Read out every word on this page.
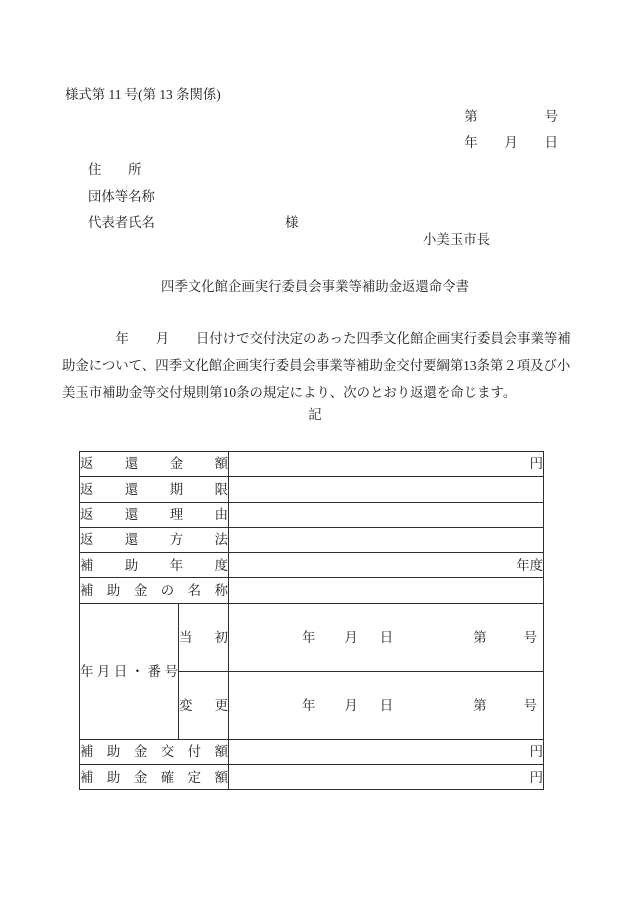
様式第 11 号(第 13 条関係)
第　　　　　号
年　　月　　日
住　　所
団体等名称
代表者氏名	様
小美玉市長
四季文化館企画実行委員会事業等補助金返還命令書
　　　　年　　月　　日付けで交付決定のあった四季文化館企画実行委員会事業等補
助金について、四季文化館企画実行委員会事業等補助金交付要綱第13条第２項及び小
美玉市補助金等交付規則第10条の規定により、次のとおり返還を命じます。
記
返還金額		円
返還期限		
返還理由		
返還方法		
補助年度		年度
補助金の名称		
年月日・番号	当初	年 月 日 第 号

	変更	年 月 日 第 号

補助金交付額		円
補助金確定額		円
